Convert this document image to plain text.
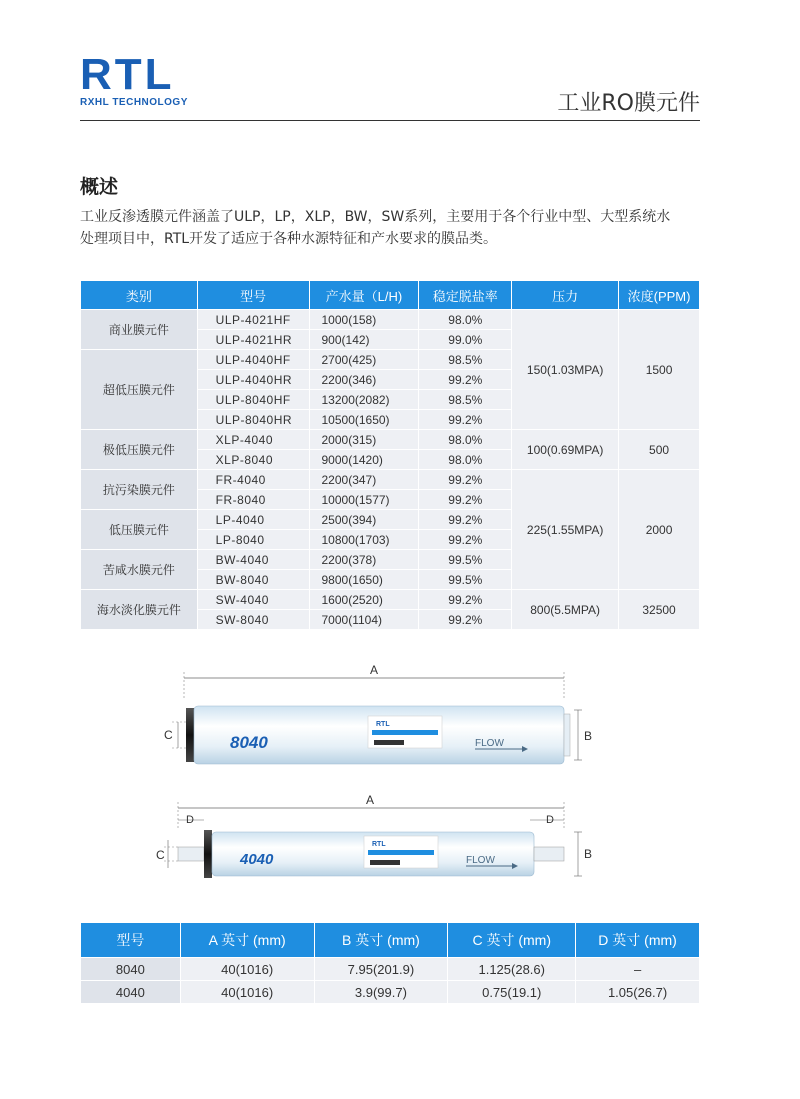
RTL
RXHL TECHNOLOGY	工业RO膜元件
概述
工业反渗透膜元件涵盖了ULP，LP，XLP，BW，SW系列，主要用于各个行业中型、大型系统水
处理项目中，RTL开发了适应于各种水源特征和产水要求的膜品类。
类别	型号	产水量（L/H)	稳定脱盐率	压力	浓度(PPM)
商业膜元件	ULP-4021HF	1000(158)	98.0%	150(1.03MPA)	1500
	ULP-4021HR	900(142)	99.0%		
超低压膜元件	ULP-4040HF	2700(425)	98.5%		
	ULP-4040HR	2200(346)	99.2%		
	ULP-8040HF	13200(2082)	98.5%		
	ULP-8040HR	10500(1650)	99.2%		
极低压膜元件	XLP-4040	2000(315)	98.0%	100(0.69MPA)	500
	XLP-8040	9000(1420)	98.0%		
抗污染膜元件	FR-4040	2200(347)	99.2%	225(1.55MPA)	2000
	FR-8040	10000(1577)	99.2%		
低压膜元件	LP-4040	2500(394)	99.2%		
	LP-8040	10800(1703)	99.2%		
苦咸水膜元件	BW-4040	2200(378)	99.5%		
	BW-8040	9800(1650)	99.5%		
海水淡化膜元件	SW-4040	1600(2520)	99.2%	800(5.5MPA)	32500
	SW-8040	7000(1104)	99.2%		
A
8040
RTL
FLOW
B
C
A
D	D
4040
RTL
FLOW	B
C
型号	A 英寸 (mm)	B 英寸 (mm)	C 英寸 (mm)	D 英寸 (mm)
8040	40(1016)	7.95(201.9)	1.125(28.6)	–
4040	40(1016)	3.9(99.7)	0.75(19.1)	1.05(26.7)
